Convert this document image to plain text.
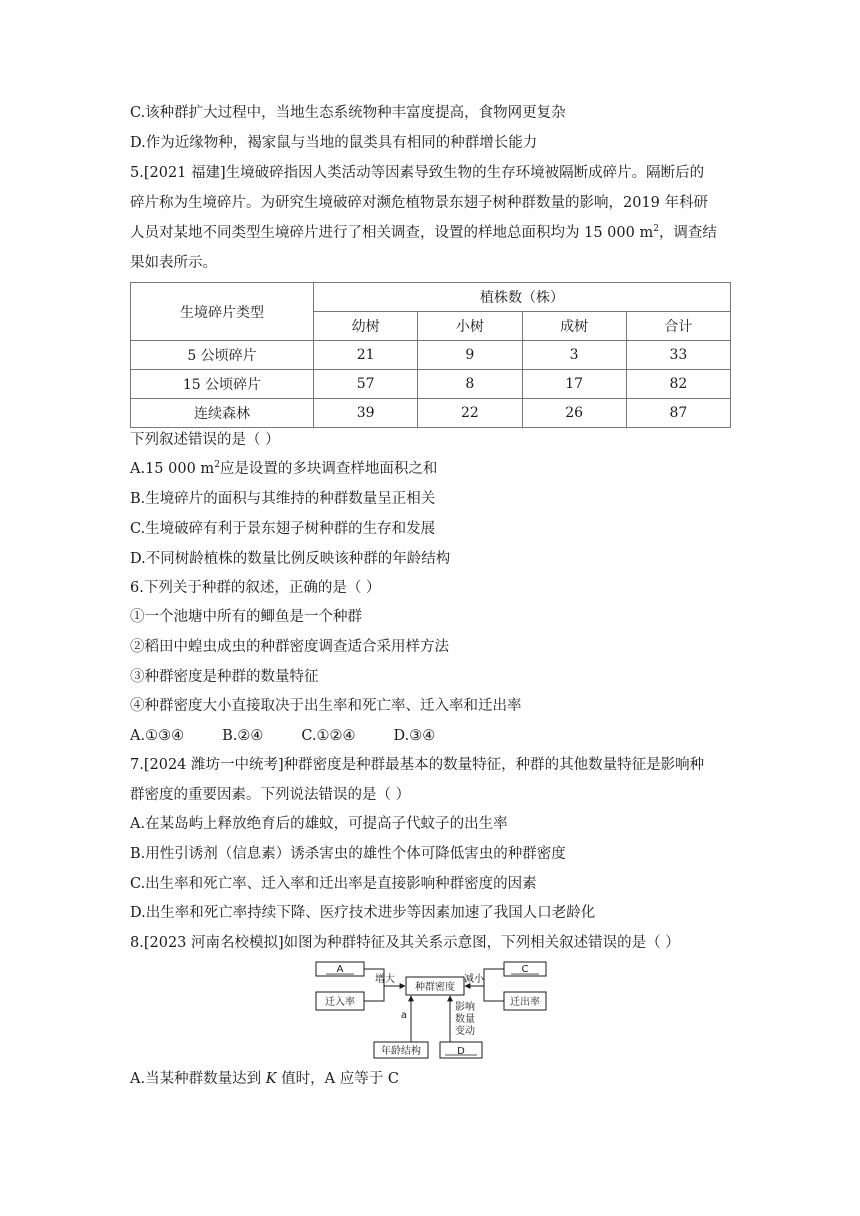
C.该种群扩大过程中，当地生态系统物种丰富度提高，食物网更复杂
D.作为近缘物种，褐家鼠与当地的鼠类具有相同的种群增长能力
5.[2021 福建]生境破碎指因人类活动等因素导致生物的生存环境被隔断成碎片。隔断后的
碎片称为生境碎片。为研究生境破碎对濒危植物景东翅子树种群数量的影响，2019 年科研
人员对某地不同类型生境碎片进行了相关调查，设置的样地总面积均为 15 000 $m^2$，调查结
果如表所示。
生境碎片类型	植株数（株）			
	幼树	小树	成树	合计
5 公顷碎片	21	9	3	33
15 公顷碎片	57	8	17	82
连续森林	39	22	26	87
下列叙述错误的是（ ）
A.15 000 $m^2$应是设置的多块调查样地面积之和
B.生境碎片的面积与其维持的种群数量呈正相关
C.生境破碎有利于景东翅子树种群的生存和发展
D.不同树龄植株的数量比例反映该种群的年龄结构
6.下列关于种群的叙述，正确的是（ ）
①一个池塘中所有的鲫鱼是一个种群
②稻田中蝗虫成虫的种群密度调查适合采用样方法
③种群密度是种群的数量特征
④种群密度大小直接取决于出生率和死亡率、迁入率和迁出率
A.①③④	B.②④	C.①②④	D.③④
7.[2024 潍坊一中统考]种群密度是种群最基本的数量特征，种群的其他数量特征是影响种
群密度的重要因素。下列说法错误的是（ ）
A.在某岛屿上释放绝育后的雄蚊，可提高子代蚊子的出生率
B.用性引诱剂（信息素）诱杀害虫的雄性个体可降低害虫的种群密度
C.出生率和死亡率、迁入率和迁出率是直接影响种群密度的因素
D.出生率和死亡率持续下降、医疗技术进步等因素加速了我国人口老龄化
8.[2023 河南名校模拟]如图为种群特征及其关系示意图，下列相关叙述错误的是（ ）
A
迁入率
种群密度
C
迁出率
年龄结构	D
增大	减小
a
影响
数量
变动
A.当某种群数量达到 K 值时，A 应等于 C
